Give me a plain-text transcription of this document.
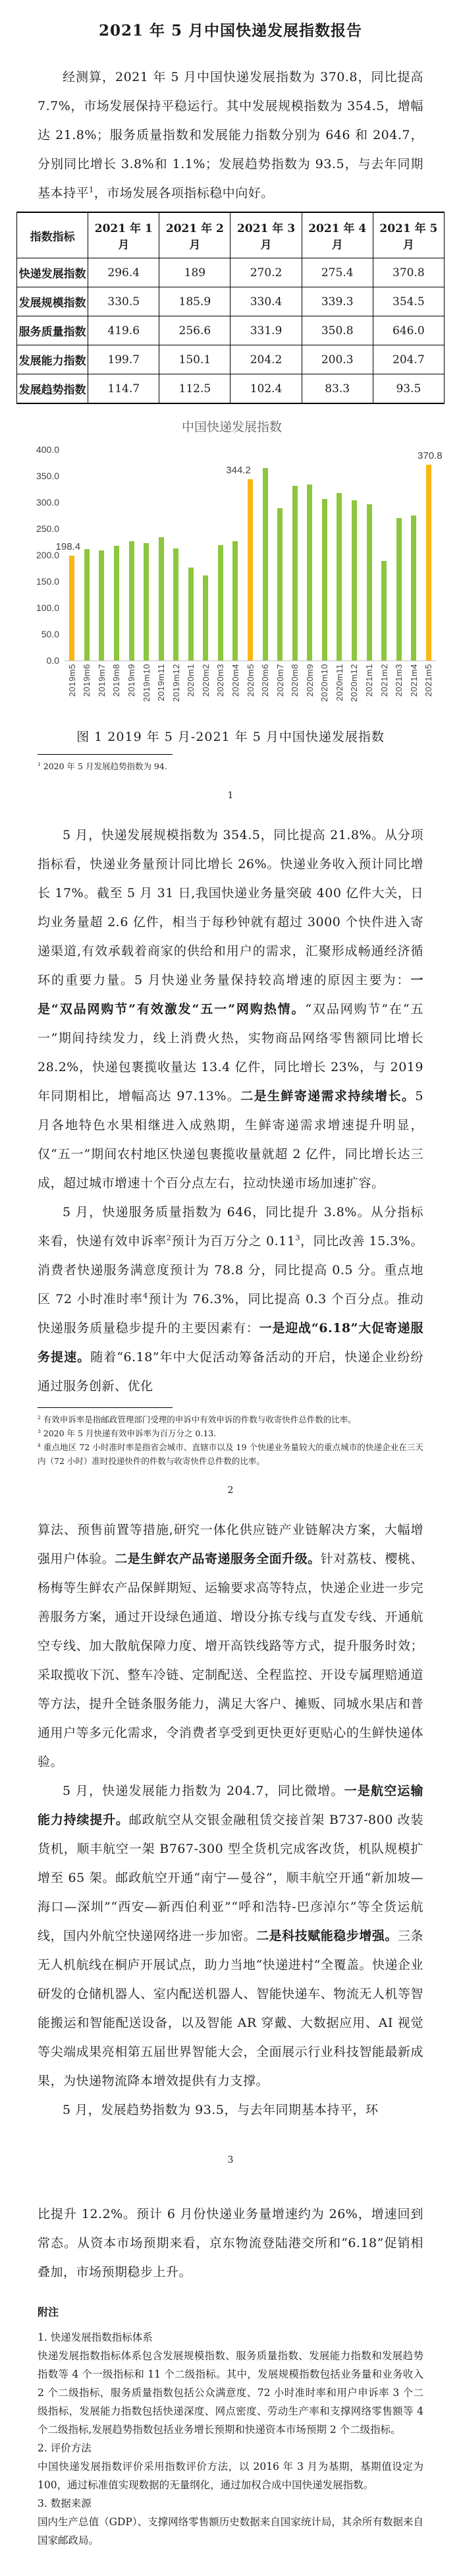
2021 年 5 月中国快递发展指数报告

经测算，2021 年 5 月中国快递发展指数为 370.8，同比提高 7.7%，市场发展保持平稳运行。其中发展规模指数为 354.5，增幅达 21.8%；服务质量指数和发展能力指数分别为 646 和 204.7，分别同比增长 3.8%和 1.1%；发展趋势指数为 93.5，与去年同期基本持平$^1$，市场发展各项指标稳中向好。

指数指标	2021 年 1 月	2021 年 2 月	2021 年 3 月	2021 年 4 月	2021 年 5 月
快递发展指数	296.4	189	270.2	275.4	370.8
发展规模指数	330.5	185.9	330.4	339.3	354.5
服务质量指数	419.6	256.6	331.9	350.8	646.0
发展能力指数	199.7	150.1	204.2	200.3	204.7
发展趋势指数	114.7	112.5	102.4	83.3	93.5
中国快递发展指数
0.0
50.0
100.0
150.0
200.0
250.0
300.0
350.0
400.0
198.4
344.2
370.8
2019m5 2019m6 2019m7 2019m8 2019m9 2019m10 2019m11 2019m12 2020m1 2020m2 2020m3 2020m4 2020m5 2020m6 2020m7 2020m8 2020m9 2020m10 2020m11 2020m12 2021m1 2021m2 2021m3 2021m4 2021m5
图 1 2019 年 5 月-2021 年 5 月中国快递发展指数
$^1$ 2020 年 5 月发展趋势指数为 94.
1

5 月，快递发展规模指数为 354.5，同比提高 21.8%。从分项指标看，快递业务量预计同比增长 26%。快递业务收入预计同比增长 17%。截至 5 月 31 日,我国快递业务量突破 400 亿件大关，日均业务量超 2.6 亿件，相当于每秒钟就有超过 3000 个快件进入寄递渠道,有效承载着商家的供给和用户的需求，汇聚形成畅通经济循环的重要力量。5 月快递业务量保持较高增速的原因主要为：一是“双品网购节”有效激发“五一”网购热情。“双品网购节”在“五一”期间持续发力，线上消费火热，实物商品网络零售额同比增长 28.2%，快递包裹揽收量达 13.4 亿件，同比增长 23%，与 2019 年同期相比，增幅高达 97.13%。二是生鲜寄递需求持续增长。5 月各地特色水果相继进入成熟期，生鲜寄递需求增速提升明显，仅“五一”期间农村地区快递包裹揽收量就超 2 亿件，同比增长达三成，超过城市增速十个百分点左右，拉动快递市场加速扩容。

5 月，快递服务质量指数为 646，同比提升 3.8%。从分指标来看，快递有效申诉率$^2$预计为百万分之 0.11$^3$，同比改善 15.3%。消费者快递服务满意度预计为 78.8 分，同比提高 0.5 分。重点地区 72 小时准时率$^4$预计为 76.3%，同比提高 0.3 个百分点。推动快递服务质量稳步提升的主要因素有：一是迎战“6.18”大促寄递服务提速。随着“6.18”年中大促活动筹备活动的开启，快递企业纷纷通过服务创新、优化

$^2$ 有效申诉率是指邮政管理部门受理的申诉中有效申诉的件数与收寄快件总件数的比率。
$^3$ 2020 年 5 月快递有效申诉率为百万分之 0.13.
$^4$ 重点地区 72 小时准时率是指省会城市、直辖市以及 19 个快递业务量较大的重点城市的快递企业在三天内（72 小时）准时投递快件的件数与收寄快件总件数的比率。
2

算法、预售前置等措施,研究一体化供应链产业链解决方案，大幅增强用户体验。二是生鲜农产品寄递服务全面升级。针对荔枝、樱桃、杨梅等生鲜农产品保鲜期短、运输要求高等特点，快递企业进一步完善服务方案，通过开设绿色通道、增设分拣专线与直发专线、开通航空专线、加大散航保障力度、增开高铁线路等方式，提升服务时效；采取揽收下沉、整车冷链、定制配送、全程监控、开设专属理赔通道等方法，提升全链条服务能力，满足大客户、摊贩、同城水果店和普通用户等多元化需求，令消费者享受到更快更好更贴心的生鲜快递体验。

5 月，快递发展能力指数为 204.7，同比微增。一是航空运输能力持续提升。邮政航空从交银金融租赁交接首架 B737-800 改装货机，顺丰航空一架 B767-300 型全货机完成客改货，机队规模扩增至 65 架。邮政航空开通“南宁—曼谷”，顺丰航空开通“新加坡—海口—深圳”“西安—新西伯利亚”“呼和浩特-巴彦淖尔”等全货运航线，国内外航空快递网络进一步加密。二是科技赋能稳步增强。三条无人机航线在桐庐开展试点，助力当地“快递进村”全覆盖。快递企业研发的仓储机器人、室内配送机器人、智能快递车、物流无人机等智能搬运和智能配送设备，以及智能 AR 穿戴、大数据应用、AI 视觉等尖端成果亮相第五届世界智能大会，全面展示行业科技智能最新成果，为快递物流降本增效提供有力支撑。

5 月，发展趋势指数为 93.5，与去年同期基本持平，环

3

比提升 12.2%。预计 6 月份快递业务量增速约为 26%，增速回到常态。从资本市场预期来看，京东物流登陆港交所和“6.18”促销相叠加，市场预期稳步上升。

附注
1. 快递发展指数指标体系
快递发展指数指标体系包含发展规模指数、服务质量指数、发展能力指数和发展趋势指数等 4 个一级指标和 11 个二级指标。其中，发展规模指数包括业务量和业务收入 2 个二级指标，服务质量指数包括公众满意度、72 小时准时率和用户申诉率 3 个二级指标，发展能力指数包括快递深度、网点密度、劳动生产率和支撑网络零售额等 4 个二级指标,发展趋势指数包括业务增长预期和快递资本市场预期 2 个二级指标。
2. 评价方法
中国快递发展指数评价采用指数评价方法，以 2016 年 3 月为基期，基期值设定为 100，通过标准值实现数据的无量纲化，通过加权合成中国快递发展指数。
3. 数据来源
国内生产总值（GDP）、支撑网络零售额历史数据来自国家统计局，其余所有数据来自国家邮政局。
